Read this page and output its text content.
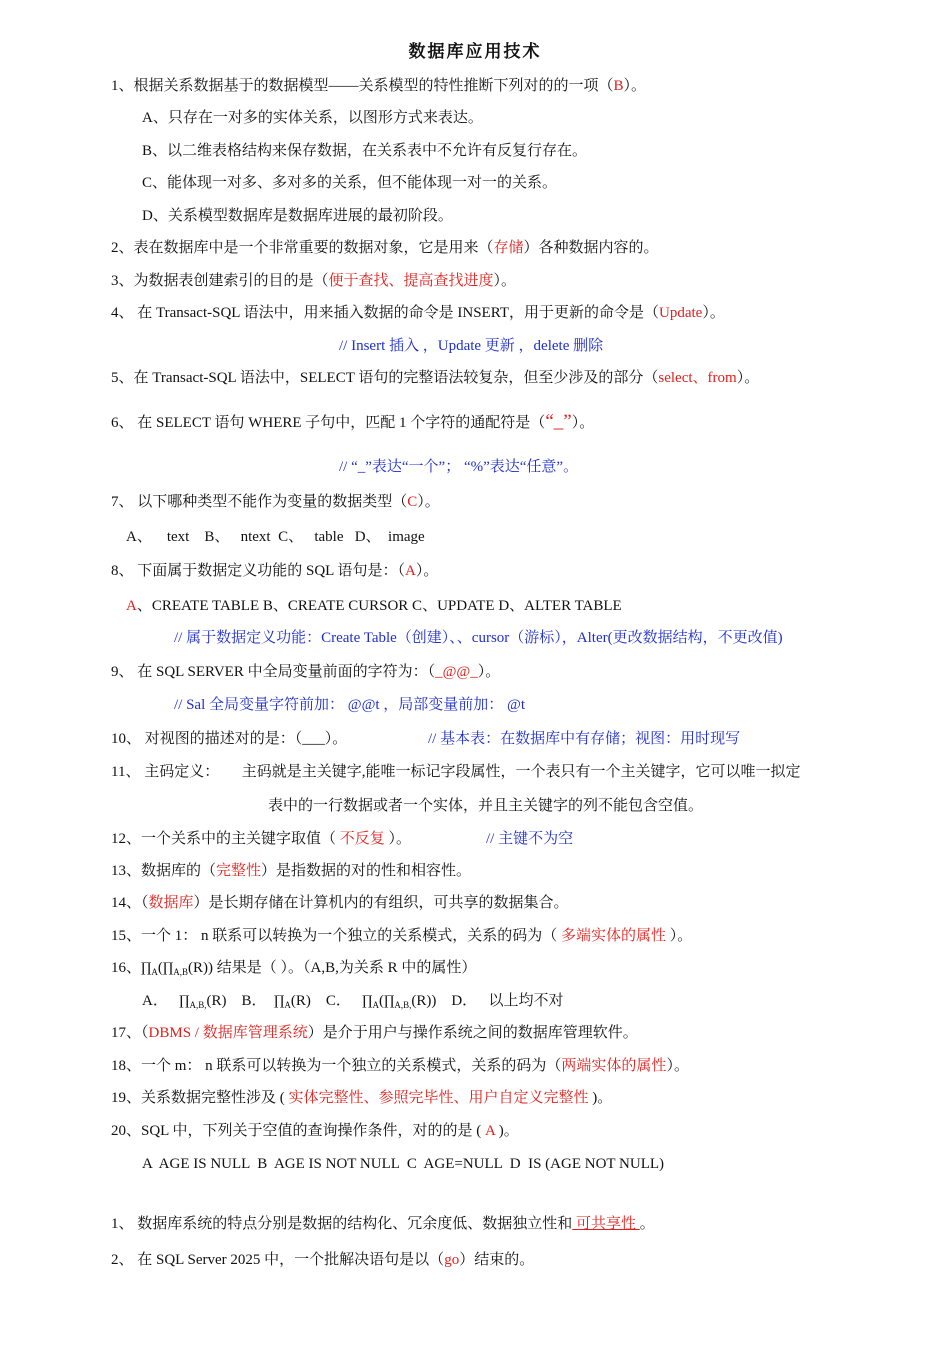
数据库应用技术
1、根据关系数据基于的数据模型——关系模型的特性推断下列对的的一项（B）。
A、只存在一对多的实体关系，以图形方式来表达。
B、以二维表格结构来保存数据，在关系表中不允许有反复行存在。
C、能体现一对多、多对多的关系，但不能体现一对一的关系。
D、关系模型数据库是数据库进展的最初阶段。
2、表在数据库中是一个非常重要的数据对象，它是用来（存储）各种数据内容的。
3、为数据表创建索引的目的是（便于查找、提高查找进度）。
4、 在 Transact-SQL 语法中，用来插入数据的命令是 INSERT，用于更新的命令是（Update）。
// Insert 插入 ，Update 更新 ，delete 删除
5、在 Transact-SQL 语法中，SELECT 语句的完整语法较复杂，但至少涉及的部分（select、from）。
6、 在 SELECT 语句 WHERE 子句中，匹配 1 个字符的通配符是（“_”）。
// “_”表达“一个”； “%”表达“任意”。
7、 以下哪种类型不能作为变量的数据类型（C）。
A、    text    B、   ntext  C、   table   D、  image
8、 下面属于数据定义功能的 SQL 语句是：（A）。
A、CREATE TABLE B、CREATE CURSOR C、UPDATE D、ALTER TABLE
// 属于数据定义功能：Create Table（创建）、、cursor（游标），Alter(更改数据结构，不更改值)
9、 在 SQL SERVER 中全局变量前面的字符为：（_@@_）。
// Sal 全局变量字符前加： @@t ，局部变量前加： @t
10、 对视图的描述对的是：（___）。	// 基本表：在数据库中有存储；视图：用时现写
11、 主码定义：      主码就是主关键字,能唯一标记字段属性，一个表只有一个主关键字，它可以唯一拟定
表中的一行数据或者一个实体，并且主关键字的列不能包含空值。
12、一个关系中的主关键字取值（ 不反复 ）。	// 主键不为空
13、数据库的（完整性）是指数据的对的性和相容性。
14、（数据库）是长期存储在计算机内的有组织，可共享的数据集合。
15、一个 1： n 联系可以转换为一个独立的关系模式，关系的码为（ 多端实体的属性 ）。
16、$\prod_A(\prod_{A,B}(R))$ 结果是（ ）。（A,B,为关系 R 中的属性）
A． $\prod_{A,B,}(R)$ B． $\prod_A(R)$ C． $\prod_A(\prod_{A,B,}(R))$ D． 以上均不对
17、（DBMS / 数据库管理系统）是介于用户与操作系统之间的数据库管理软件。
18、一个 m： n 联系可以转换为一个独立的关系模式，关系的码为（两端实体的属性）。
19、关系数据完整性涉及 ( 实体完整性、参照完毕性、用户自定义完整性 )。
20、SQL 中，下列关于空值的查询操作条件，对的的是 ( A )。
A  AGE IS NULL  B  AGE IS NOT NULL  C  AGE=NULL  D  IS (AGE NOT NULL)
1、 数据库系统的特点分别是数据的结构化、冗余度低、数据独立性和 可共享性 。
2、 在 SQL Server 2025 中，一个批解决语句是以（go）结束的。
